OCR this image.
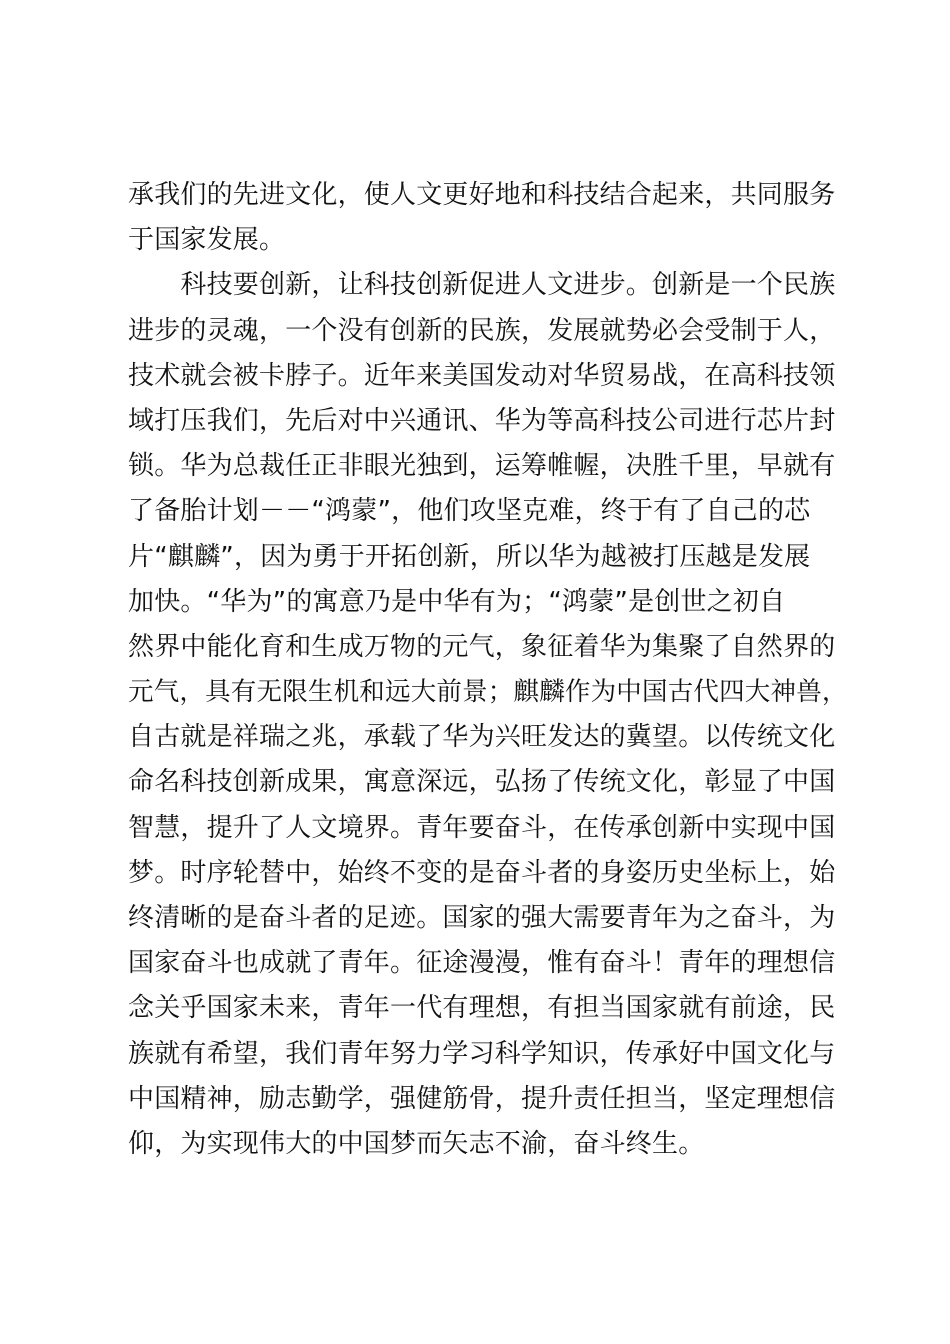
承我们的先进文化，使人文更好地和科技结合起来，共同服务
于国家发展。
　　科技要创新，让科技创新促进人文进步。创新是一个民族
进步的灵魂，一个没有创新的民族，发展就势必会受制于人，
技术就会被卡脖子。近年来美国发动对华贸易战，在高科技领
域打压我们，先后对中兴通讯、华为等高科技公司进行芯片封
锁。华为总裁任正非眼光独到，运筹帷幄，决胜千里，早就有
了备胎计划－－“鸿蒙”，他们攻坚克难，终于有了自己的芯
片“麒麟”，因为勇于开拓创新，所以华为越被打压越是发展
加快。“华为”的寓意乃是中华有为；“鸿蒙”是创世之初自
然界中能化育和生成万物的元气，象征着华为集聚了自然界的
元气，具有无限生机和远大前景；麒麟作为中国古代四大神兽，
自古就是祥瑞之兆，承载了华为兴旺发达的冀望。以传统文化
命名科技创新成果，寓意深远，弘扬了传统文化，彰显了中国
智慧，提升了人文境界。青年要奋斗，在传承创新中实现中国
梦。时序轮替中，始终不变的是奋斗者的身姿历史坐标上，始
终清晰的是奋斗者的足迹。国家的强大需要青年为之奋斗，为
国家奋斗也成就了青年。征途漫漫，惟有奋斗！青年的理想信
念关乎国家未来，青年一代有理想，有担当国家就有前途，民
族就有希望，我们青年努力学习科学知识，传承好中国文化与
中国精神，励志勤学，强健筋骨，提升责任担当，坚定理想信
仰，为实现伟大的中国梦而矢志不渝，奋斗终生。
